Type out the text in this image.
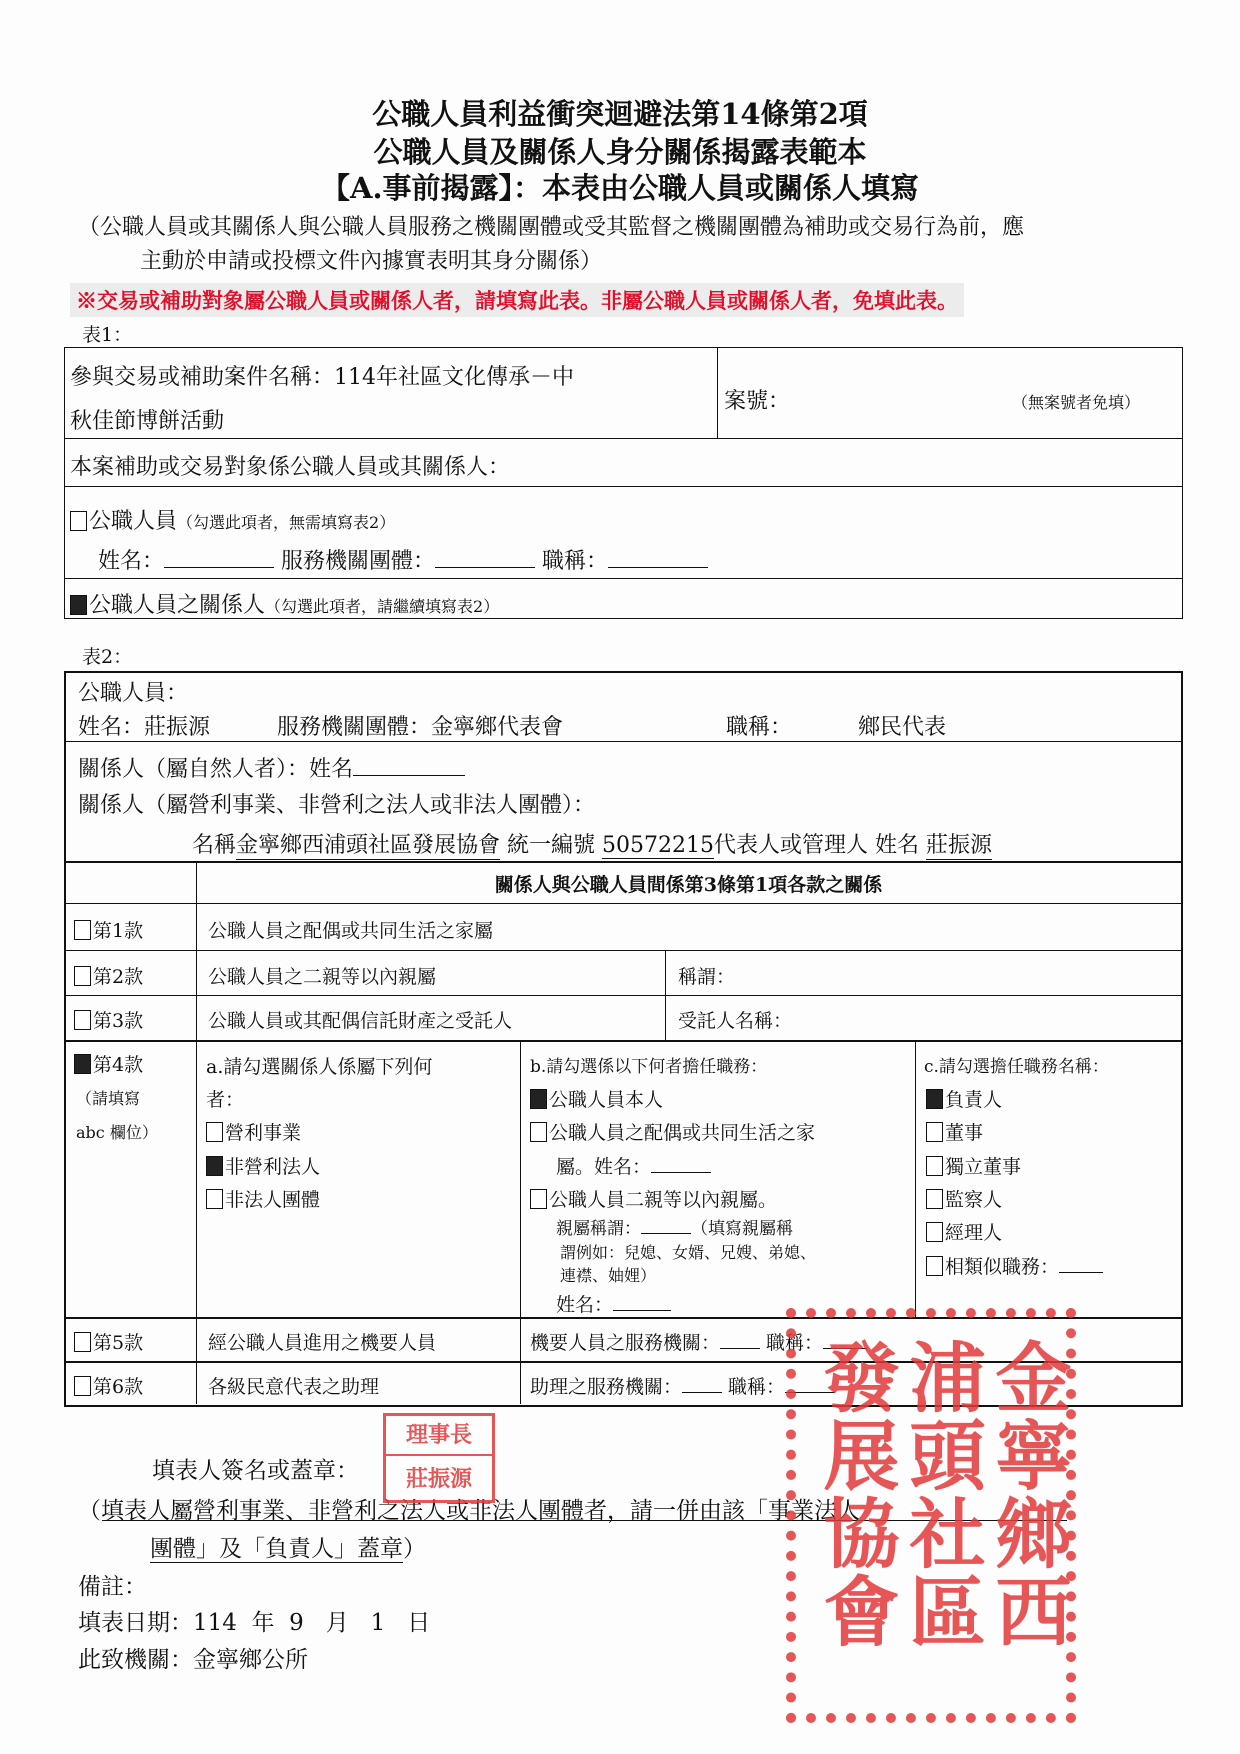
公職人員利益衝突迴避法第14條第2項
公職人員及關係人身分關係揭露表範本
【A.事前揭露】：本表由公職人員或關係人填寫
（公職人員或其關係人與公職人員服務之機關團體或受其監督之機關團體為補助或交易行為前，應
主動於申請或投標文件內據實表明其身分關係）
※交易或補助對象屬公職人員或關係人者，請填寫此表。非屬公職人員或關係人者，免填此表。
表1：
參與交易或補助案件名稱：114年社區文化傳承－中
秋佳節博餅活動
案號：	（無案號者免填）
本案補助或交易對象係公職人員或其關係人：
公職人員（勾選此項者，無需填寫表2）
姓名：	服務機關團體：	職稱：
公職人員之關係人（勾選此項者，請繼續填寫表2）
表2：
公職人員：
姓名：莊振源	服務機關團體：金寧鄉代表會	職稱：	鄉民代表
關係人（屬自然人者）：姓名
關係人（屬營利事業、非營利之法人或非法人團體）：
名稱金寧鄉西浦頭社區發展協會 統一編號 50572215代表人或管理人 姓名 莊振源
關係人與公職人員間係第3條第1項各款之關係
第1款	公職人員之配偶或共同生活之家屬
第2款	公職人員之二親等以內親屬	稱謂：
第3款	公職人員或其配偶信託財產之受託人	受託人名稱：
第4款
（請填寫
abc 欄位）
a.請勾選關係人係屬下列何
者：
營利事業
非營利法人
非法人團體
b.請勾選係以下何者擔任職務：
公職人員本人
公職人員之配偶或共同生活之家
屬。姓名：
公職人員二親等以內親屬。
親屬稱謂：	（填寫親屬稱
謂例如：兒媳、女婿、兄嫂、弟媳、
連襟、妯娌）
姓名：
c.請勾選擔任職務名稱：
負責人
董事
獨立董事
監察人
經理人
相類似職務：
第5款	經公職人員進用之機要人員	機要人員之服務機關： 職稱：
第6款	各級民意代表之助理	助理之服務機關： 職稱：
填表人簽名或蓋章：
（填表人屬營利事業、非營利之法人或非法人團體者，請一併由該「事業法人
團體」及「負責人」蓋章）
備註：
填表日期：114 年 9 月 1 日
此致機關：金寧鄉公所
理事長
莊振源	金寧鄉西浦頭社區發展協會
